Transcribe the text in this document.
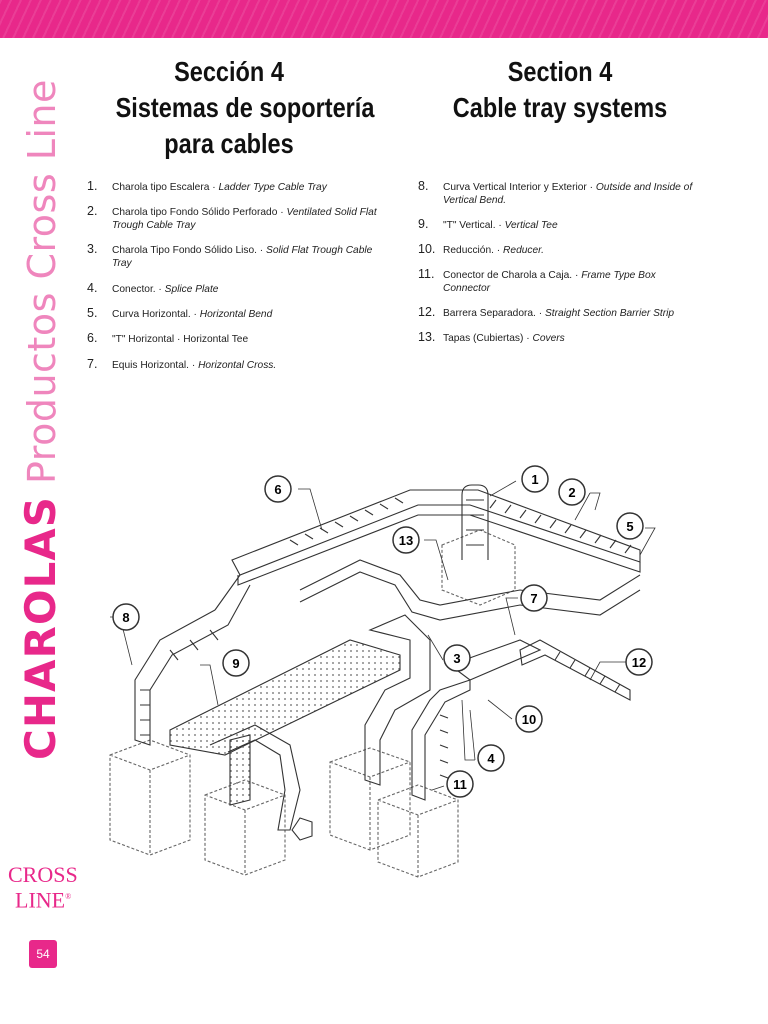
CHAROLASProductos Cross Line
Sección 4
Sistemas de soportería
para cables
Section 4
Cable tray systems
1. Charola tipo Escalera · Ladder Type Cable Tray
2. Charola tipo Fondo Sólido Perforado · Ventilated Solid Flat Trough Cable Tray
3. Charola Tipo Fondo Sólido Liso. · Solid Flat Trough Cable Tray
4. Conector. · Splice Plate
5. Curva Horizontal. · Horizontal Bend
6. "T" Horizontal · Horizontal Tee
7. Equis Horizontal. · Horizontal Cross.
8. Curva Vertical Interior y Exterior · Outside and Inside of Vertical Bend.
9. "T" Vertical. · Vertical Tee
10. Reducción. · Reducer.
11. Conector de Charola a Caja. · Frame Type Box Connector
12. Barrera Separadora. · Straight Section Barrier Strip
13. Tapas (Cubiertas) · Covers
6
1
2
5
13
7
8
9	3	12
10
4
11
CROSS
LINE®
54
